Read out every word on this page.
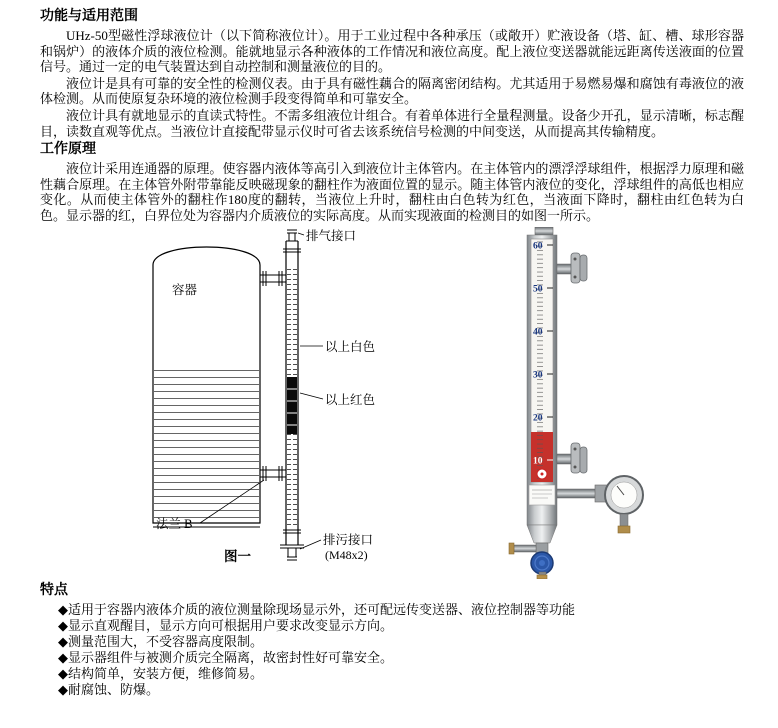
功能与适用范围

UHz-50型磁性浮球液位计（以下简称液位计）。用于工业过程中各种承压（或敞开）贮液设备（塔、缸、槽、球形容器和锅炉）的液体介质的液位检测。能就地显示各种液体的工作情况和液位高度。配上液位变送器就能远距离传送液面的位置信号。通过一定的电气装置达到自动控制和测量液位的目的。

液位计是具有可靠的安全性的检测仪表。由于具有磁性藕合的隔离密闭结构。尤其适用于易燃易爆和腐蚀有毒液位的液体检测。从而使原复杂环境的液位检测手段变得简单和可靠安全。

液位计具有就地显示的直读式特性。不需多组液位计组合。有着单体进行全量程测量。设备少开孔，显示清晰，标志醒目，读数直观等优点。当液位计直接配带显示仪时可省去该系统信号检测的中间变送，从而提高其传输精度。

工作原理

液位计采用连通器的原理。使容器内液体等高引入到液位计主体管内。在主体管内的漂浮浮球组件，根据浮力原理和磁性藕合原理。在主体管外附带靠能反映磁现象的翻柱作为液面位置的显示。随主体管内液位的变化，浮球组件的高低也相应变化。从而使主体管外的翻柱作180度的翻转，当液位上升时，翻柱由白色转为红色，当液面下降时，翻柱由红色转为白色。显示器的红，白界位处为容器内介质液位的实际高度。从而实现液面的检测目的如图一所示。

排气接口
容器
以上白色
以上红色
法兰 B
排污接口
(M48x2)
图一
60
50
40
30
20
10
特点

◆适用于容器内液体介质的液位测量除现场显示外，还可配远传变送器、液位控制器等功能

◆显示直观醒目，显示方向可根据用户要求改变显示方向。

◆测量范围大，不受容器高度限制。

◆显示器组件与被测介质完全隔离，故密封性好可靠安全。

◆结构简单，安装方便，维修简易。

◆耐腐蚀、防爆。
